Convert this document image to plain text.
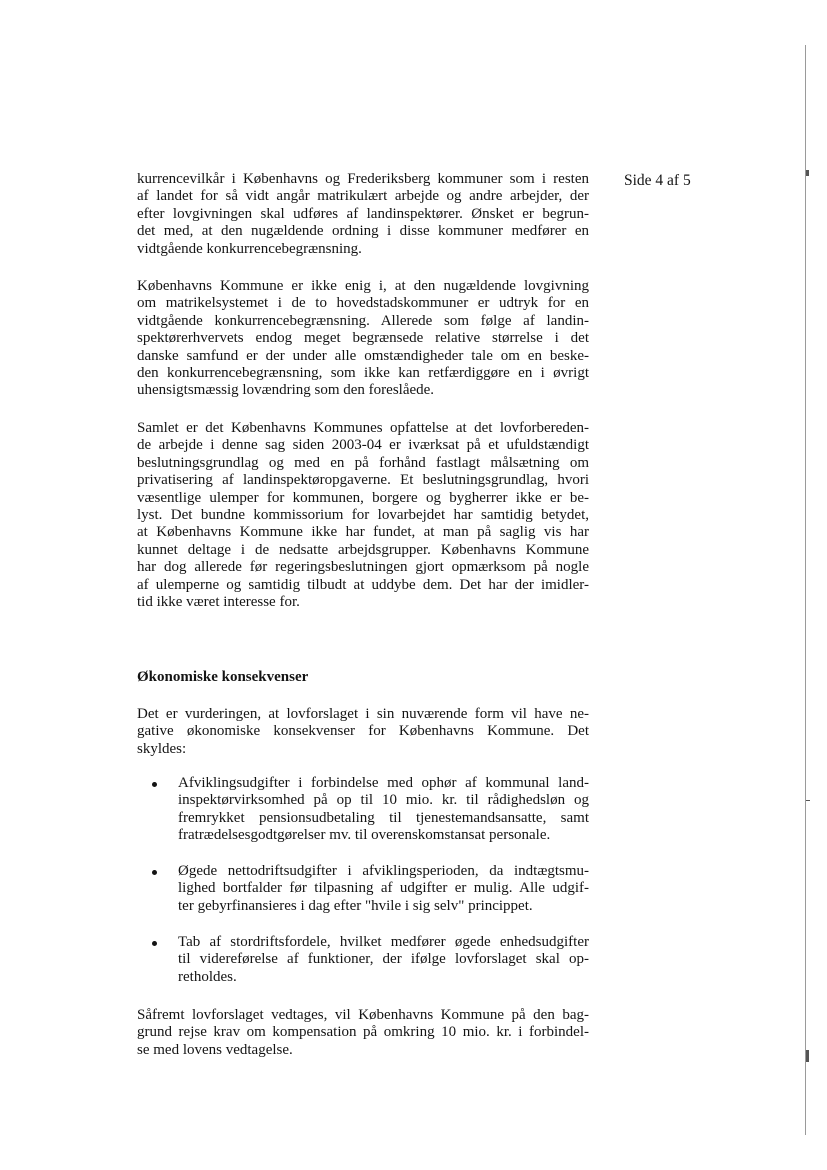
Side 4 af 5

kurrencevilkår i Københavns og Frederiksberg kommuner som i resten
af landet for så vidt angår matrikulært arbejde og andre arbejder, der
efter lovgivningen skal udføres af landinspektører. Ønsket er begrun-
det med, at den nugældende ordning i disse kommuner medfører en
vidtgående konkurrencebegrænsning.

Københavns Kommune er ikke enig i, at den nugældende lovgivning
om matrikelsystemet i de to hovedstadskommuner er udtryk for en
vidtgående konkurrencebegrænsning. Allerede som følge af landin-
spektørerhvervets endog meget begrænsede relative størrelse i det
danske samfund er der under alle omstændigheder tale om en beske-
den konkurrencebegrænsning, som ikke kan retfærdiggøre en i øvrigt
uhensigtsmæssig lovændring som den foreslåede.

Samlet er det Københavns Kommunes opfattelse at det lovforbereden-
de arbejde i denne sag siden 2003-04 er iværksat på et ufuldstændigt
beslutningsgrundlag og med en på forhånd fastlagt målsætning om
privatisering af landinspektøropgaverne. Et beslutningsgrundlag, hvori
væsentlige ulemper for kommunen, borgere og bygherrer ikke er be-
lyst. Det bundne kommissorium for lovarbejdet har samtidig betydet,
at Københavns Kommune ikke har fundet, at man på saglig vis har
kunnet deltage i de nedsatte arbejdsgrupper. Københavns Kommune
har dog allerede før regeringsbeslutningen gjort opmærksom på nogle
af ulemperne og samtidig tilbudt at uddybe dem. Det har der imidler-
tid ikke været interesse for.

Økonomiske konsekvenser

Det er vurderingen, at lovforslaget i sin nuværende form vil have ne-
gative økonomiske konsekvenser for Københavns Kommune. Det
skyldes:

Afviklingsudgifter i forbindelse med ophør af kommunal land-
inspektørvirksomhed på op til 10 mio. kr. til rådighedsløn og
fremrykket pensionsudbetaling til tjenestemandsansatte, samt
fratrædelsesgodtgørelser mv. til overenskomstansat personale.
Øgede nettodriftsudgifter i afviklingsperioden, da indtægtsmu-
lighed bortfalder før tilpasning af udgifter er mulig. Alle udgif-
ter gebyrfinansieres i dag efter "hvile i sig selv" princippet.
Tab af stordriftsfordele, hvilket medfører øgede enhedsudgifter
til videreførelse af funktioner, der ifølge lovforslaget skal op-
retholdes.

Såfremt lovforslaget vedtages, vil Københavns Kommune på den bag-
grund rejse krav om kompensation på omkring 10 mio. kr. i forbindel-
se med lovens vedtagelse.
